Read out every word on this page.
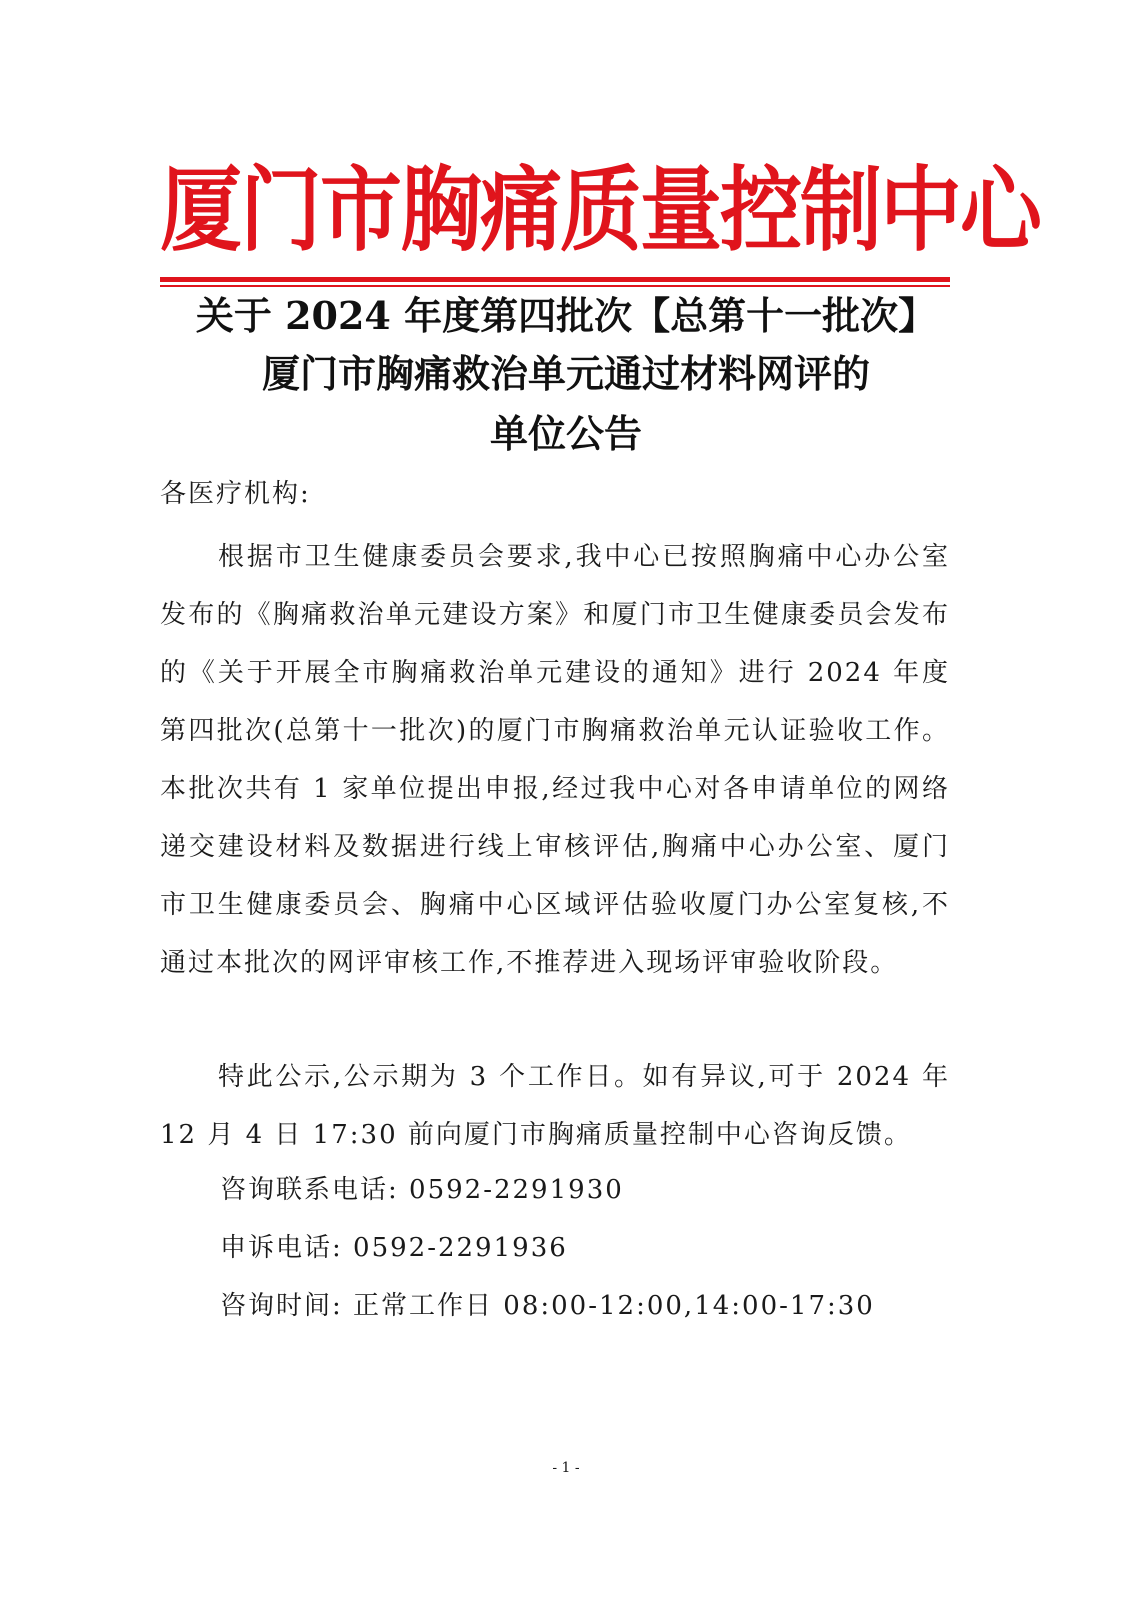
厦门市胸痛质量控制中心
关于 2024 年度第四批次【总第十一批次】
厦门市胸痛救治单元通过材料网评的
单位公告
各医疗机构:
根据市卫生健康委员会要求,我中心已按照胸痛中心办公室发布的《胸痛救治单元建设方案》和厦门市卫生健康委员会发布的《关于开展全市胸痛救治单元建设的通知》进行 2024 年度第四批次(总第十一批次)的厦门市胸痛救治单元认证验收工作。本批次共有 1 家单位提出申报,经过我中心对各申请单位的网络递交建设材料及数据进行线上审核评估,胸痛中心办公室、厦门市卫生健康委员会、胸痛中心区域评估验收厦门办公室复核,不通过本批次的网评审核工作,不推荐进入现场评审验收阶段。
特此公示,公示期为 3 个工作日。如有异议,可于 2024 年 12 月 4 日 17:30 前向厦门市胸痛质量控制中心咨询反馈。
咨询联系电话: 0592-2291930
申诉电话: 0592-2291936
咨询时间: 正常工作日 08:00-12:00,14:00-17:30
- 1 -
